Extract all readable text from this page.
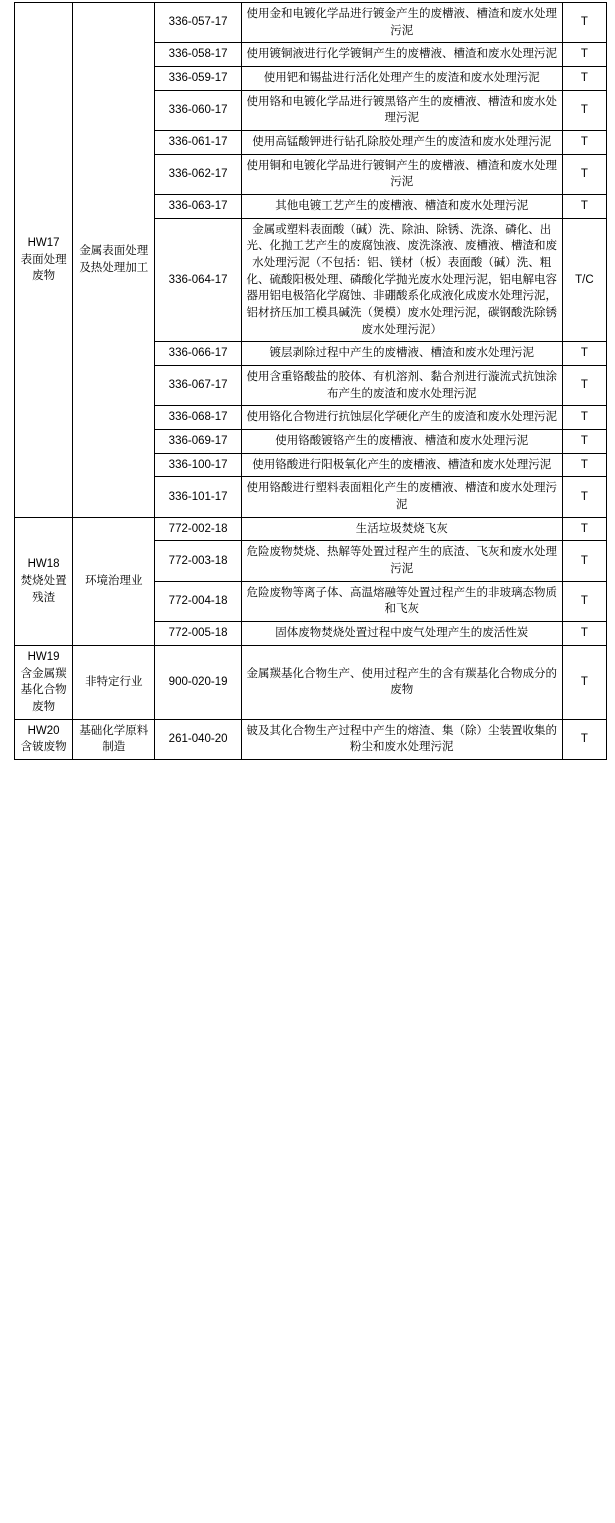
HW17
表面处理
废物	金属表面处理及热处理加工	336-057-17	使用金和电镀化学品进行镀金产生的废槽液、槽渣和废水处理污泥	T
		336-058-17	使用镀铜液进行化学镀铜产生的废槽液、槽渣和废水处理污泥	T
		336-059-17	使用钯和锡盐进行活化处理产生的废渣和废水处理污泥	T
		336-060-17	使用铬和电镀化学品进行镀黑铬产生的废槽液、槽渣和废水处理污泥	T
		336-061-17	使用高锰酸钾进行钻孔除胶处理产生的废渣和废水处理污泥	T
		336-062-17	使用铜和电镀化学品进行镀铜产生的废槽液、槽渣和废水处理污泥	T
		336-063-17	其他电镀工艺产生的废槽液、槽渣和废水处理污泥	T
		336-064-17	金属或塑料表面酸（碱）洗、除油、除锈、洗涤、磷化、出光、化抛工艺产生的废腐蚀液、废洗涤液、废槽液、槽渣和废水处理污泥（不包括：铝、镁材（板）表面酸（碱）洗、粗化、硫酸阳极处理、磷酸化学抛光废水处理污泥，铝电解电容器用铝电极箔化学腐蚀、非硼酸系化成液化成废水处理污泥，铝材挤压加工模具碱洗（煲模）废水处理污泥，碳钢酸洗除锈废水处理污泥）	T/C
		336-066-17	镀层剥除过程中产生的废槽液、槽渣和废水处理污泥	T
		336-067-17	使用含重铬酸盐的胶体、有机溶剂、黏合剂进行漩流式抗蚀涂布产生的废渣和废水处理污泥	T
		336-068-17	使用铬化合物进行抗蚀层化学硬化产生的废渣和废水处理污泥	T
		336-069-17	使用铬酸镀铬产生的废槽液、槽渣和废水处理污泥	T
		336-100-17	使用铬酸进行阳极氧化产生的废槽液、槽渣和废水处理污泥	T
		336-101-17	使用铬酸进行塑料表面粗化产生的废槽液、槽渣和废水处理污泥	T

HW18
焚烧处置
残渣	环境治理业	772-002-18	生活垃圾焚烧飞灰	T
		772-003-18	危险废物焚烧、热解等处置过程产生的底渣、飞灰和废水处理污泥	T
		772-004-18	危险废物等离子体、高温熔融等处置过程产生的非玻璃态物质和飞灰	T
		772-005-18	固体废物焚烧处置过程中废气处理产生的废活性炭	T

HW19
含金属羰
基化合物
废物	非特定行业	900-020-19	金属羰基化合物生产、使用过程产生的含有羰基化合物成分的废物	T

HW20
含铍废物	基础化学原料制造	261-040-20	铍及其化合物生产过程中产生的熔渣、集（除）尘装置收集的粉尘和废水处理污泥	T
